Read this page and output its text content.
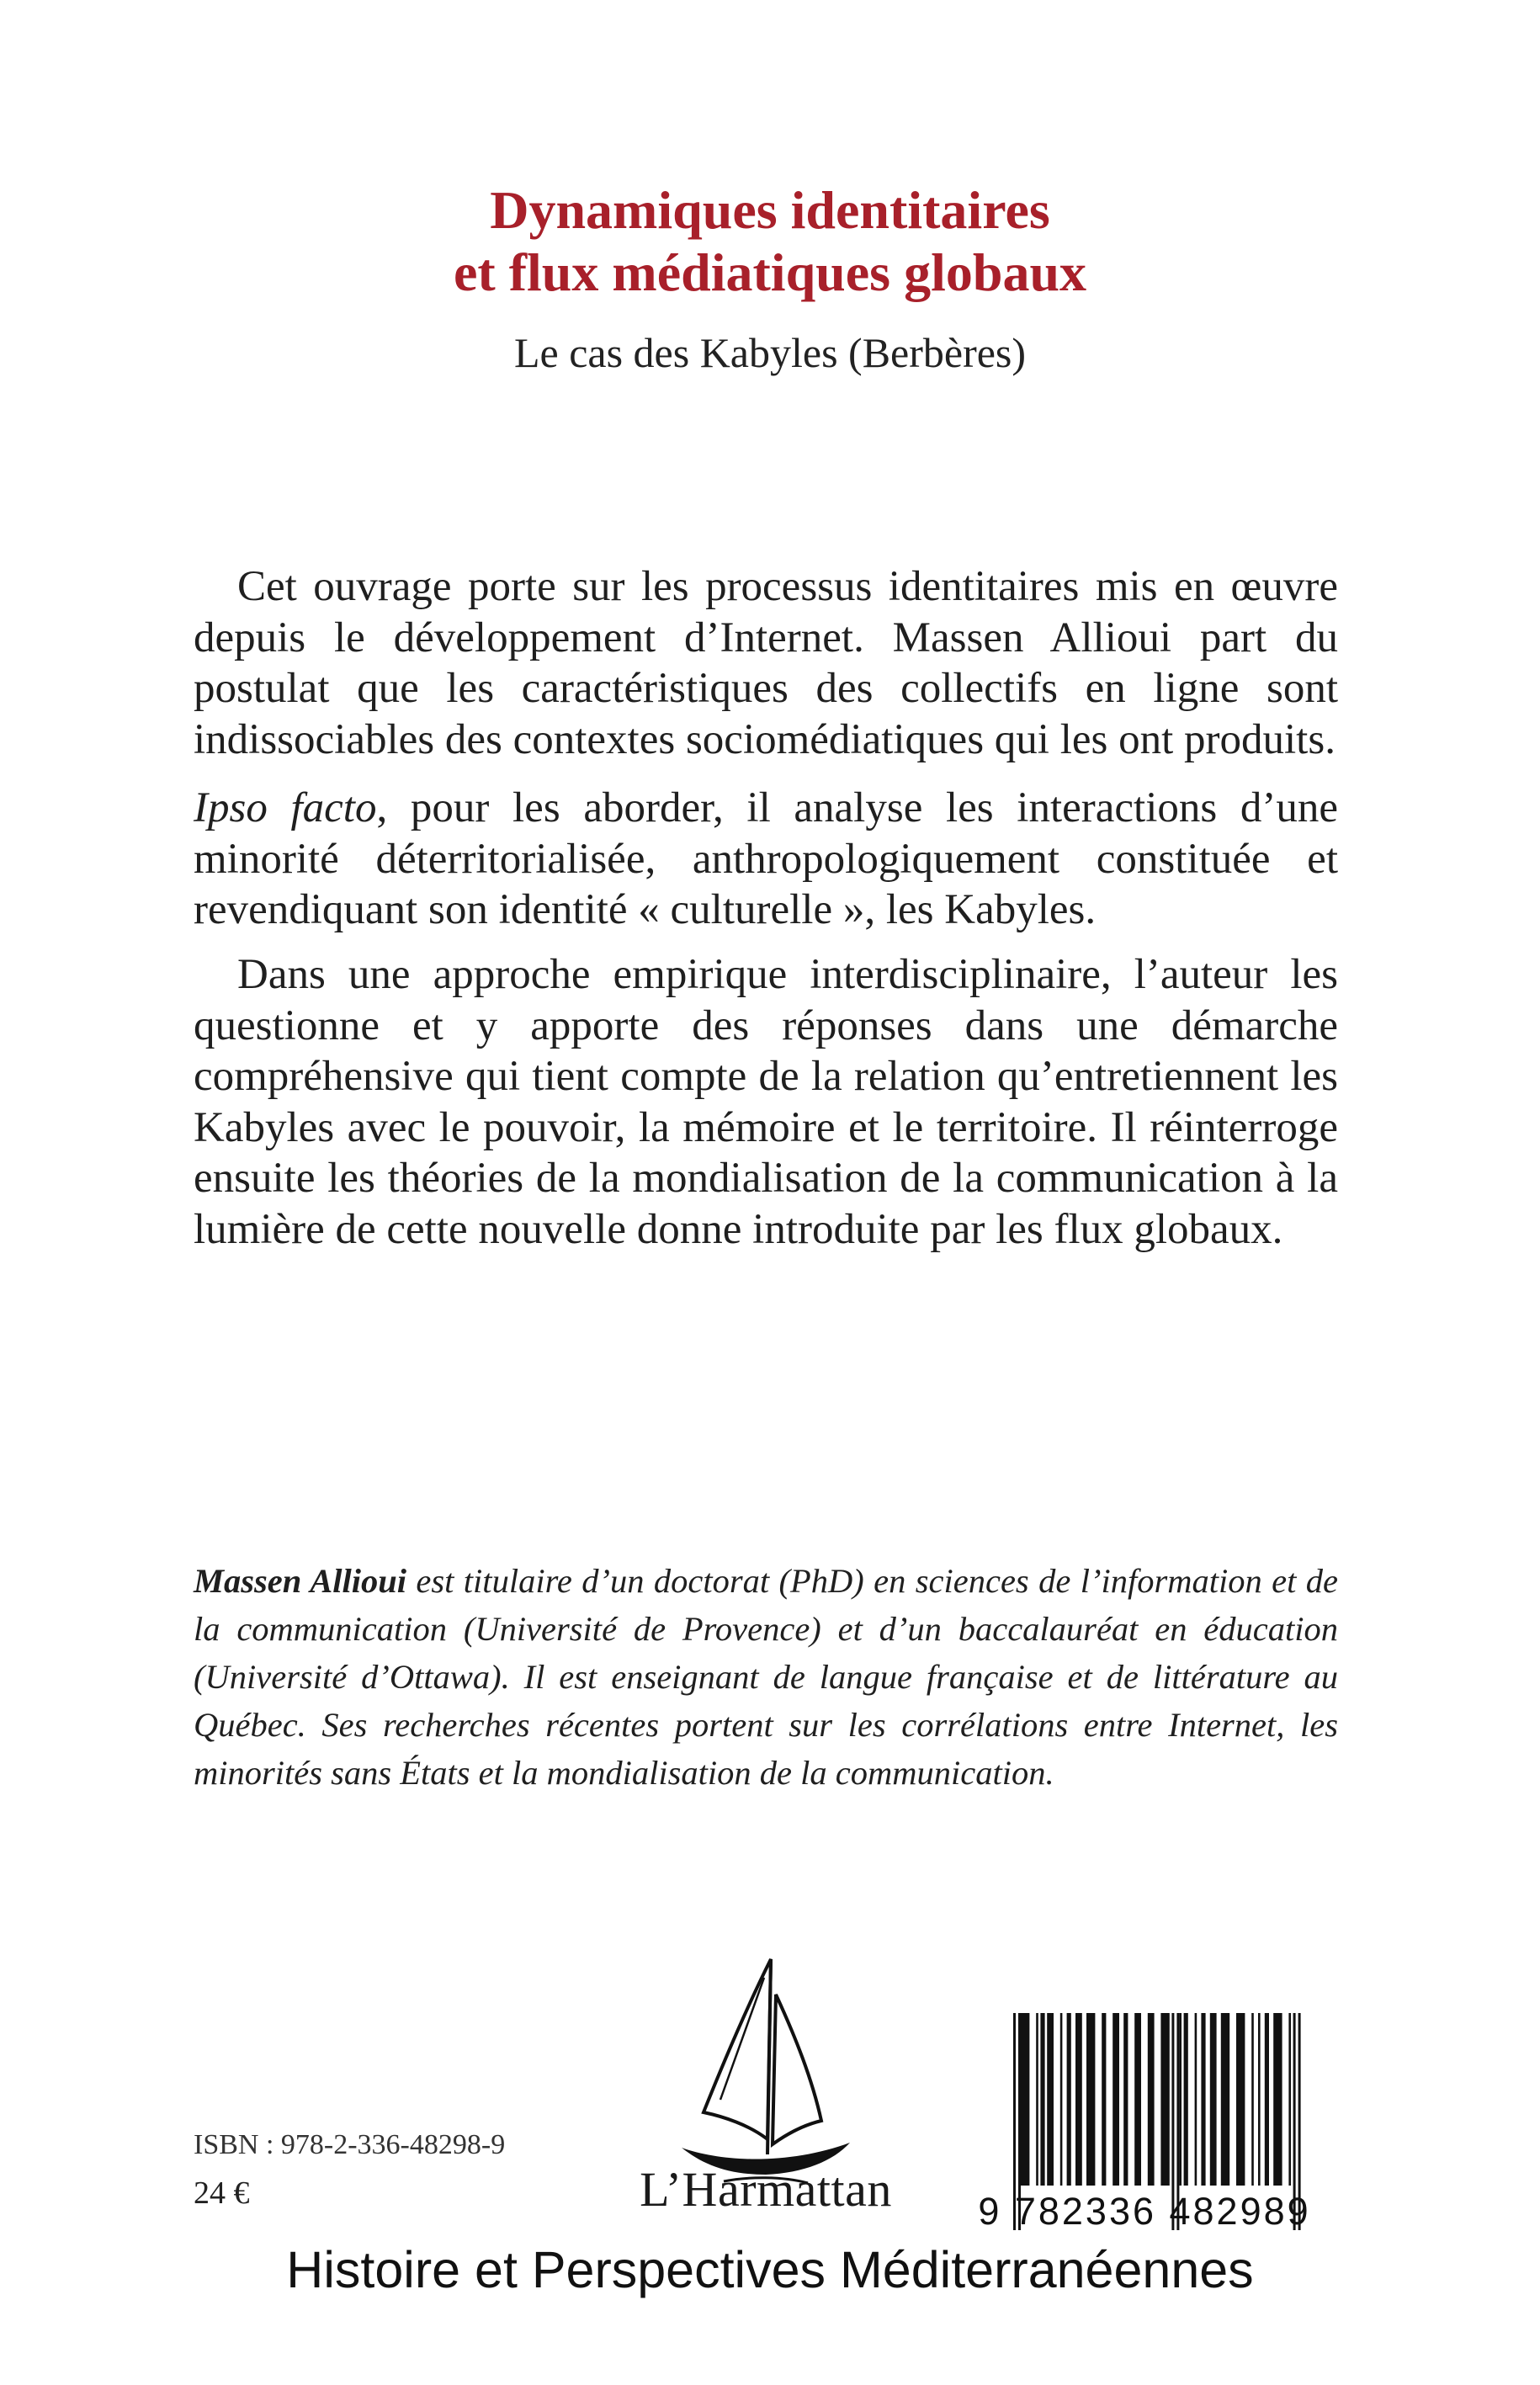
Dynamiques identitaires
et flux médiatiques globaux
Le cas des Kabyles (Berbères)
Cet ouvrage porte sur les processus identitaires mis en œuvre depuis le développement d’Internet. Massen Allioui part du postulat que les caractéristiques des collectifs en ligne sont indissociables des contextes sociomédiatiques qui les ont produits.
Ipso facto, pour les aborder, il analyse les interactions d’une minorité déterritorialisée, anthropologiquement constituée et revendiquant son identité « culturelle », les Kabyles.
Dans une approche empirique interdisciplinaire, l’auteur les questionne et y apporte des réponses dans une démarche compréhensive qui tient compte de la relation qu’entretiennent les Kabyles avec le pouvoir, la mémoire et le territoire. Il réinterroge ensuite les théories de la mondialisation de la communication à la lumière de cette nouvelle donne introduite par les flux globaux.
Massen Allioui est titulaire d’un doctorat (PhD) en sciences de l’information et de la communication (Université de Provence) et d’un baccalauréat en éducation (Université d’Ottawa). Il est enseignant de langue française et de littérature au Québec. Ses recherches récentes portent sur les corrélations entre Internet, les minorités sans États et la mondialisation de la communication.
L’Harmattan
ISBN : 978-2-336-48298-9
24 €	9 782336 482989
Histoire et Perspectives Méditerranéennes
